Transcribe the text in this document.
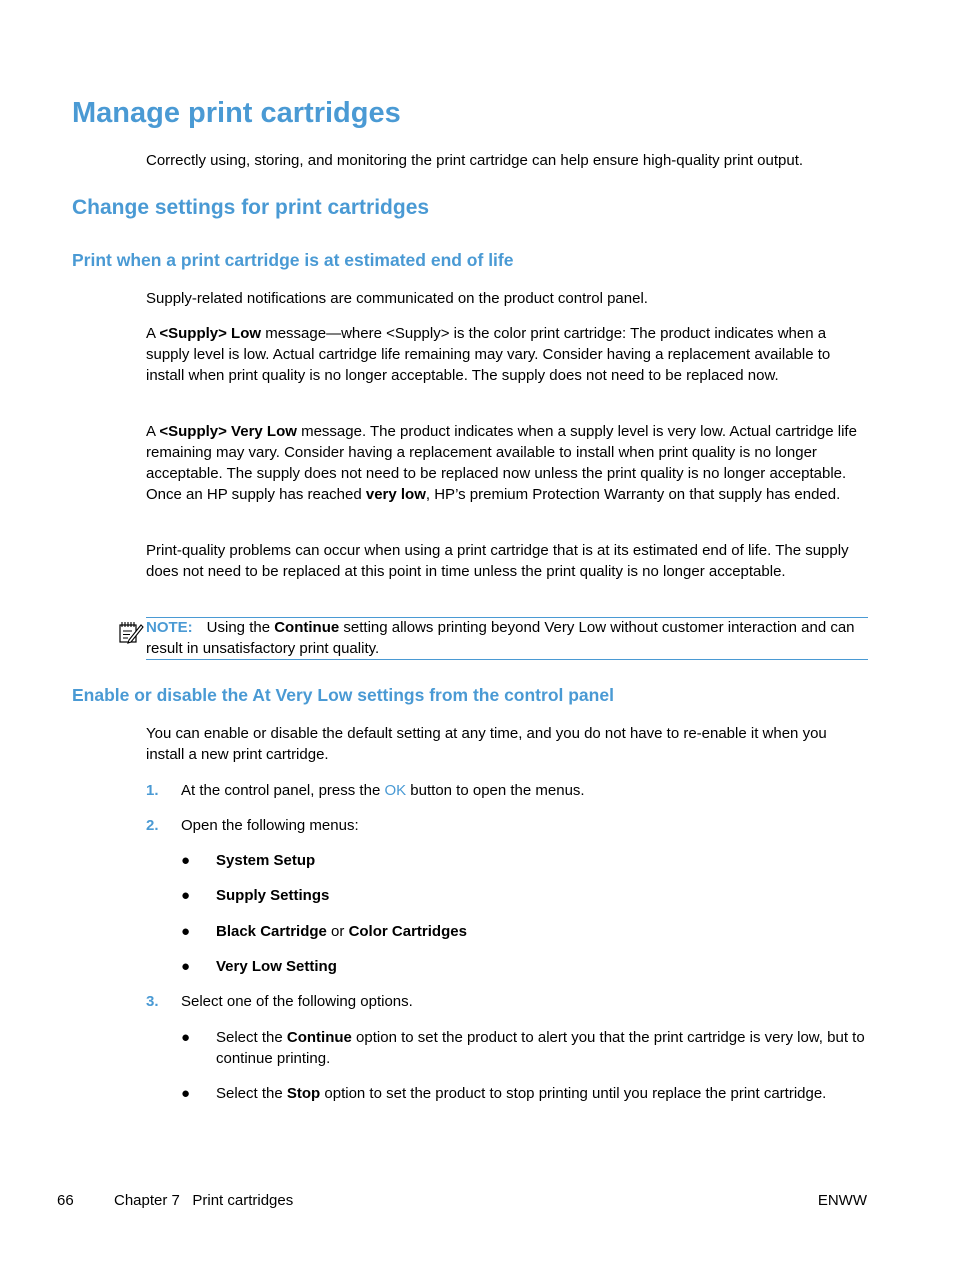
Manage print cartridges
Correctly using, storing, and monitoring the print cartridge can help ensure high-quality print output.
Change settings for print cartridges
Print when a print cartridge is at estimated end of life
Supply-related notifications are communicated on the product control panel.
A <Supply> Low message—where <Supply> is the color print cartridge: The product indicates when a supply level is low. Actual cartridge life remaining may vary. Consider having a replacement available to install when print quality is no longer acceptable. The supply does not need to be replaced now.
A <Supply> Very Low message. The product indicates when a supply level is very low. Actual cartridge life remaining may vary. Consider having a replacement available to install when print quality is no longer acceptable. The supply does not need to be replaced now unless the print quality is no longer acceptable. Once an HP supply has reached very low, HP’s premium Protection Warranty on that supply has ended.
Print-quality problems can occur when using a print cartridge that is at its estimated end of life. The supply does not need to be replaced at this point in time unless the print quality is no longer acceptable.
NOTE: Using the Continue setting allows printing beyond Very Low without customer interaction and can result in unsatisfactory print quality.
Enable or disable the At Very Low settings from the control panel
You can enable or disable the default setting at any time, and you do not have to re-enable it when you install a new print cartridge.
1. At the control panel, press the OK button to open the menus.
2. Open the following menus:
● System Setup
● Supply Settings
● Black Cartridge or Color Cartridges
● Very Low Setting
3. Select one of the following options.
● Select the Continue option to set the product to alert you that the print cartridge is very low, but to continue printing.
● Select the Stop option to set the product to stop printing until you replace the print cartridge.
66	Chapter 7   Print cartridges	ENWW
